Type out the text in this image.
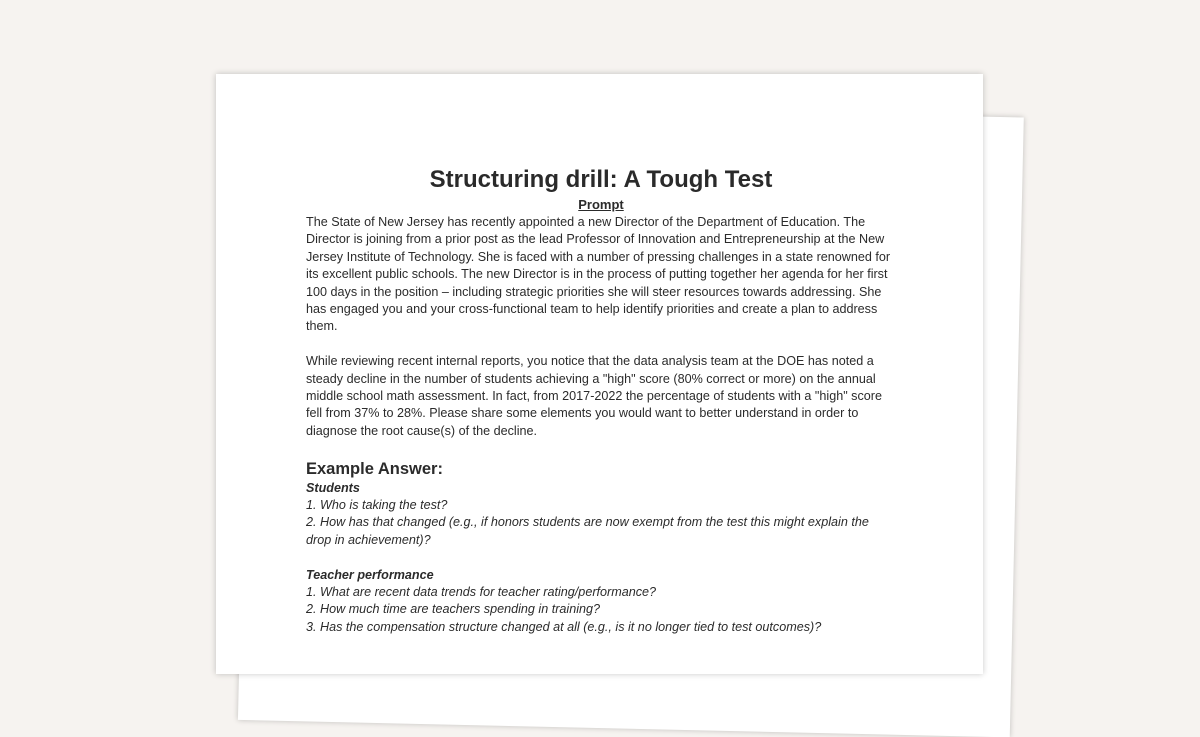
Structuring drill: A Tough Test
Prompt

The State of New Jersey has recently appointed a new Director of the Department of Education. The Director is joining from a prior post as the lead Professor of Innovation and Entrepreneurship at the New Jersey Institute of Technology. She is faced with a number of pressing challenges in a state renowned for its excellent public schools. The new Director is in the process of putting together her agenda for her first 100 days in the position – including strategic priorities she will steer resources towards addressing. She has engaged you and your cross-functional team to help identify priorities and create a plan to address them.

While reviewing recent internal reports, you notice that the data analysis team at the DOE has noted a steady decline in the number of students achieving a "high" score (80% correct or more) on the annual middle school math assessment. In fact, from 2017-2022 the percentage of students with a "high" score fell from 37% to 28%. Please share some elements you would want to better understand in order to diagnose the root cause(s) of the decline.

Example Answer:
Students
1. Who is taking the test?
2. How has that changed (e.g., if honors students are now exempt from the test this might explain the drop in achievement)?
Teacher performance
1. What are recent data trends for teacher rating/performance?
2. How much time are teachers spending in training?
3. Has the compensation structure changed at all (e.g., is it no longer tied to test outcomes)?
